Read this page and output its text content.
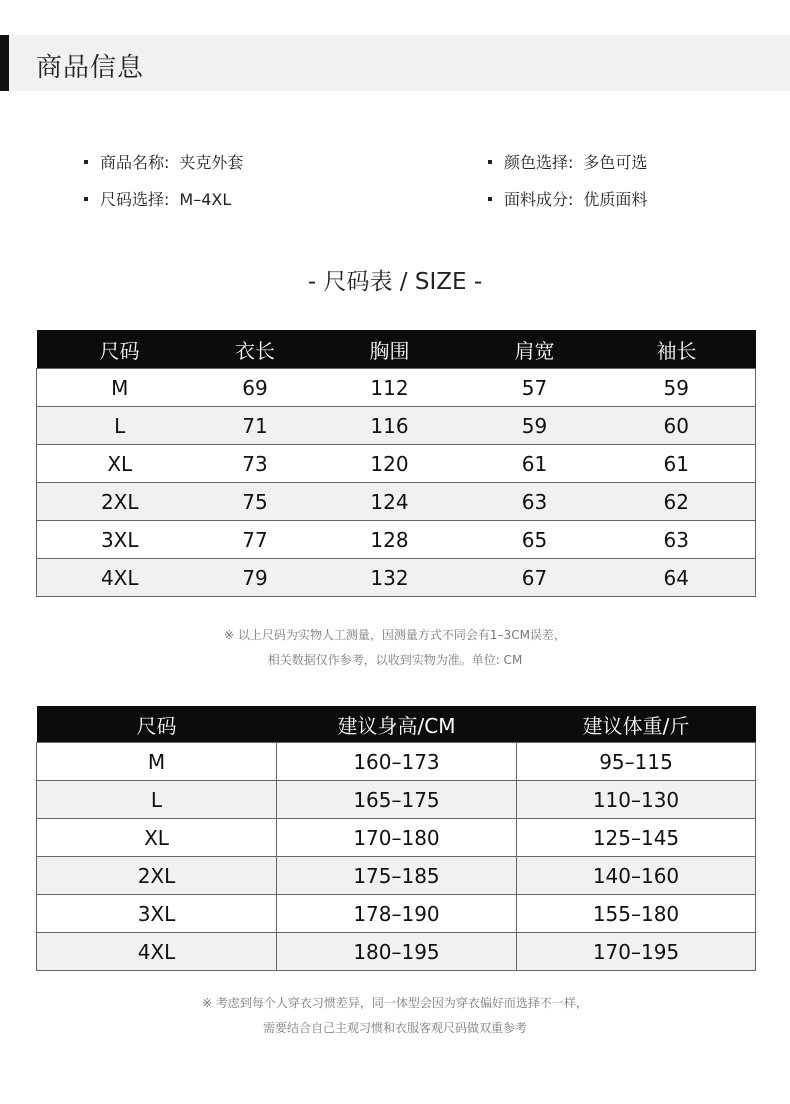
商品信息
商品名称: 夹克外套	颜色选择: 多色可选
尺码选择: M–4XL	面料成分: 优质面料
- 尺码表 / SIZE -
尺码	衣长	胸围	肩宽	袖长
M	69	112	57	59
L	71	116	59	60
XL	73	120	61	61
2XL	75	124	63	62
3XL	77	128	65	63
4XL	79	132	67	64
※ 以上尺码为实物人工测量，因测量方式不同会有1–3CM误差，
相关数据仅作参考，以收到实物为准。单位: CM
尺码	建议身高/CM	建议体重/斤
M	160–173	95–115
L	165–175	110–130
XL	170–180	125–145
2XL	175–185	140–160
3XL	178–190	155–180
4XL	180–195	170–195
※ 考虑到每个人穿衣习惯差异，同一体型会因为穿衣偏好而选择不一样，
需要结合自己主观习惯和衣服客观尺码做双重参考
